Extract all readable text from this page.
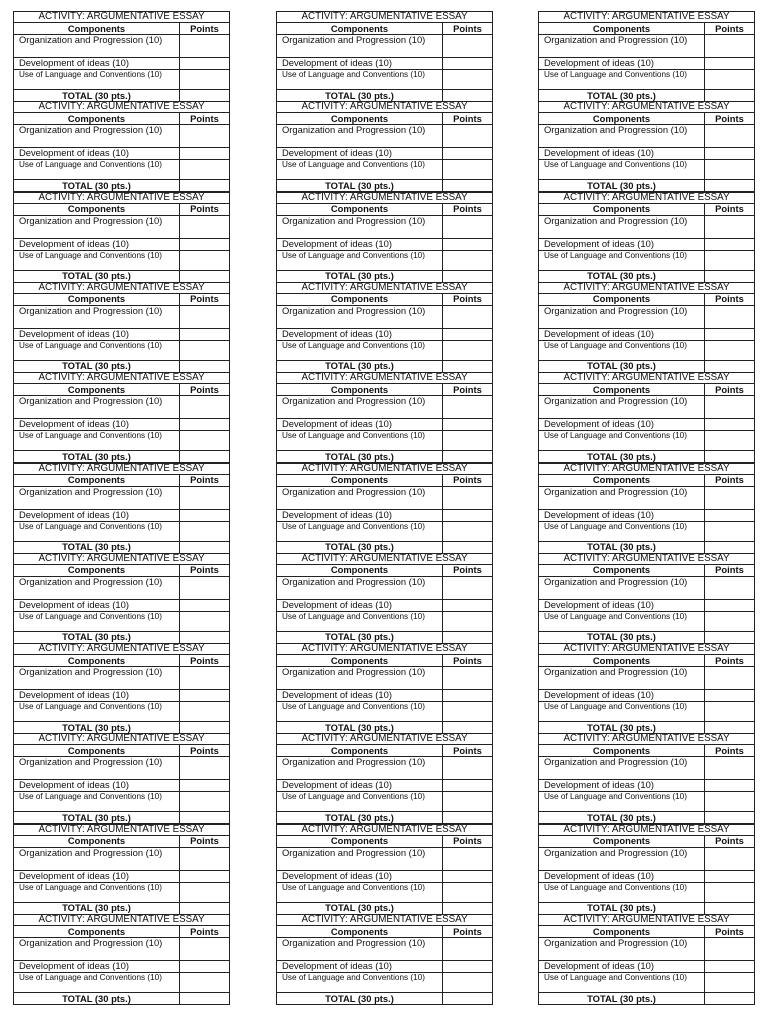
ACTIVITY: ARGUMENTATIVE ESSAY	
Components	Points
Organization and Progression (10)	
Development of ideas (10)	
Use of Language and Conventions (10)	
TOTAL (30 pts.)	
ACTIVITY: ARGUMENTATIVE ESSAY	
Components	Points
Organization and Progression (10)	
Development of ideas (10)	
Use of Language and Conventions (10)	
TOTAL (30 pts.)	
ACTIVITY: ARGUMENTATIVE ESSAY	
Components	Points
Organization and Progression (10)	
Development of ideas (10)	
Use of Language and Conventions (10)	
TOTAL (30 pts.)	
ACTIVITY: ARGUMENTATIVE ESSAY	
Components	Points
Organization and Progression (10)	
Development of ideas (10)	
Use of Language and Conventions (10)	
TOTAL (30 pts.)	
ACTIVITY: ARGUMENTATIVE ESSAY	
Components	Points
Organization and Progression (10)	
Development of ideas (10)	
Use of Language and Conventions (10)	
TOTAL (30 pts.)	
ACTIVITY: ARGUMENTATIVE ESSAY	
Components	Points
Organization and Progression (10)	
Development of ideas (10)	
Use of Language and Conventions (10)	
TOTAL (30 pts.)	
ACTIVITY: ARGUMENTATIVE ESSAY	
Components	Points
Organization and Progression (10)	
Development of ideas (10)	
Use of Language and Conventions (10)	
TOTAL (30 pts.)	
ACTIVITY: ARGUMENTATIVE ESSAY	
Components	Points
Organization and Progression (10)	
Development of ideas (10)	
Use of Language and Conventions (10)	
TOTAL (30 pts.)	
ACTIVITY: ARGUMENTATIVE ESSAY	
Components	Points
Organization and Progression (10)	
Development of ideas (10)	
Use of Language and Conventions (10)	
TOTAL (30 pts.)	
ACTIVITY: ARGUMENTATIVE ESSAY	
Components	Points
Organization and Progression (10)	
Development of ideas (10)	
Use of Language and Conventions (10)	
TOTAL (30 pts.)	
ACTIVITY: ARGUMENTATIVE ESSAY	
Components	Points
Organization and Progression (10)	
Development of ideas (10)	
Use of Language and Conventions (10)	
TOTAL (30 pts.)	
ACTIVITY: ARGUMENTATIVE ESSAY	
Components	Points
Organization and Progression (10)	
Development of ideas (10)	
Use of Language and Conventions (10)	
TOTAL (30 pts.)	
ACTIVITY: ARGUMENTATIVE ESSAY	
Components	Points
Organization and Progression (10)	
Development of ideas (10)	
Use of Language and Conventions (10)	
TOTAL (30 pts.)	
ACTIVITY: ARGUMENTATIVE ESSAY	
Components	Points
Organization and Progression (10)	
Development of ideas (10)	
Use of Language and Conventions (10)	
TOTAL (30 pts.)	
ACTIVITY: ARGUMENTATIVE ESSAY	
Components	Points
Organization and Progression (10)	
Development of ideas (10)	
Use of Language and Conventions (10)	
TOTAL (30 pts.)	
ACTIVITY: ARGUMENTATIVE ESSAY	
Components	Points
Organization and Progression (10)	
Development of ideas (10)	
Use of Language and Conventions (10)	
TOTAL (30 pts.)	
ACTIVITY: ARGUMENTATIVE ESSAY	
Components	Points
Organization and Progression (10)	
Development of ideas (10)	
Use of Language and Conventions (10)	
TOTAL (30 pts.)	
ACTIVITY: ARGUMENTATIVE ESSAY	
Components	Points
Organization and Progression (10)	
Development of ideas (10)	
Use of Language and Conventions (10)	
TOTAL (30 pts.)	
ACTIVITY: ARGUMENTATIVE ESSAY	
Components	Points
Organization and Progression (10)	
Development of ideas (10)	
Use of Language and Conventions (10)	
TOTAL (30 pts.)	
ACTIVITY: ARGUMENTATIVE ESSAY	
Components	Points
Organization and Progression (10)	
Development of ideas (10)	
Use of Language and Conventions (10)	
TOTAL (30 pts.)	
ACTIVITY: ARGUMENTATIVE ESSAY	
Components	Points
Organization and Progression (10)	
Development of ideas (10)	
Use of Language and Conventions (10)	
TOTAL (30 pts.)	
ACTIVITY: ARGUMENTATIVE ESSAY	
Components	Points
Organization and Progression (10)	
Development of ideas (10)	
Use of Language and Conventions (10)	
TOTAL (30 pts.)	
ACTIVITY: ARGUMENTATIVE ESSAY	
Components	Points
Organization and Progression (10)	
Development of ideas (10)	
Use of Language and Conventions (10)	
TOTAL (30 pts.)	
ACTIVITY: ARGUMENTATIVE ESSAY	
Components	Points
Organization and Progression (10)	
Development of ideas (10)	
Use of Language and Conventions (10)	
TOTAL (30 pts.)	
ACTIVITY: ARGUMENTATIVE ESSAY	
Components	Points
Organization and Progression (10)	
Development of ideas (10)	
Use of Language and Conventions (10)	
TOTAL (30 pts.)	
ACTIVITY: ARGUMENTATIVE ESSAY	
Components	Points
Organization and Progression (10)	
Development of ideas (10)	
Use of Language and Conventions (10)	
TOTAL (30 pts.)	
ACTIVITY: ARGUMENTATIVE ESSAY	
Components	Points
Organization and Progression (10)	
Development of ideas (10)	
Use of Language and Conventions (10)	
TOTAL (30 pts.)	
ACTIVITY: ARGUMENTATIVE ESSAY	
Components	Points
Organization and Progression (10)	
Development of ideas (10)	
Use of Language and Conventions (10)	
TOTAL (30 pts.)	
ACTIVITY: ARGUMENTATIVE ESSAY	
Components	Points
Organization and Progression (10)	
Development of ideas (10)	
Use of Language and Conventions (10)	
TOTAL (30 pts.)	
ACTIVITY: ARGUMENTATIVE ESSAY	
Components	Points
Organization and Progression (10)	
Development of ideas (10)	
Use of Language and Conventions (10)	
TOTAL (30 pts.)	
ACTIVITY: ARGUMENTATIVE ESSAY	
Components	Points
Organization and Progression (10)	
Development of ideas (10)	
Use of Language and Conventions (10)	
TOTAL (30 pts.)	
ACTIVITY: ARGUMENTATIVE ESSAY	
Components	Points
Organization and Progression (10)	
Development of ideas (10)	
Use of Language and Conventions (10)	
TOTAL (30 pts.)	
ACTIVITY: ARGUMENTATIVE ESSAY	
Components	Points
Organization and Progression (10)	
Development of ideas (10)	
Use of Language and Conventions (10)	
TOTAL (30 pts.)	
